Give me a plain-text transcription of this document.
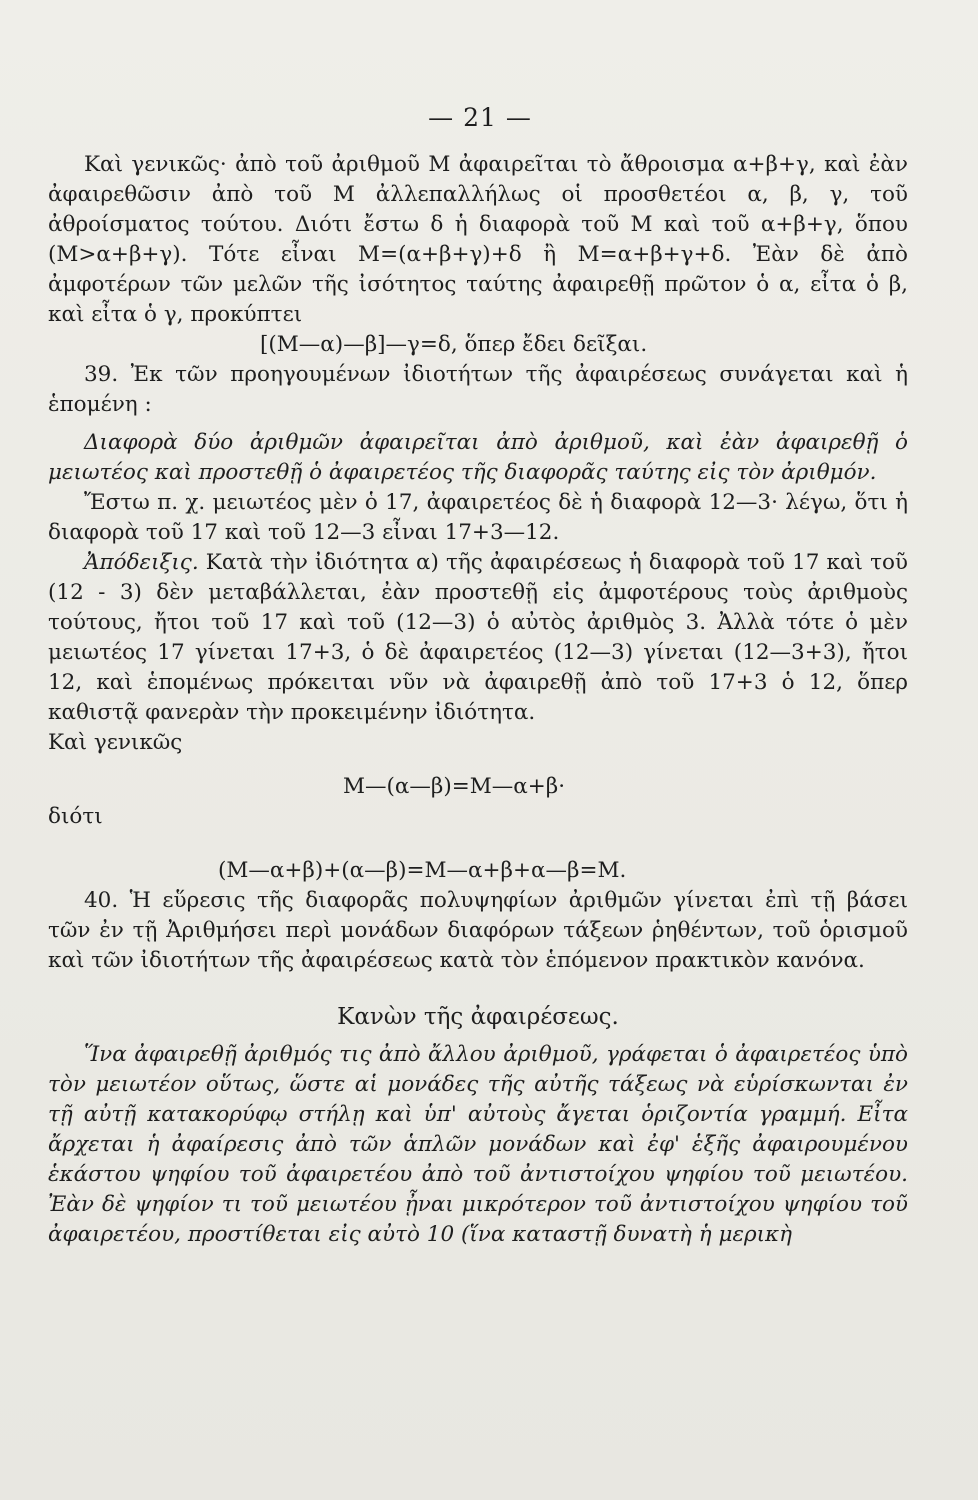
— 21 —

Καὶ γενικῶς· ἀπὸ τοῦ ἀριθμοῦ Μ ἀφαιρεῖται τὸ ἄθροισμα α+β+γ, καὶ ἐὰν ἀφαιρεθῶσιν ἀπὸ τοῦ Μ ἀλλεπαλλήλως οἱ προσθετέοι α, β, γ, τοῦ ἀθροίσματος τούτου. Διότι ἔστω δ ἡ διαφορὰ τοῦ Μ καὶ τοῦ α+β+γ, ὅπου (Μ>α+β+γ). Τότε εἶναι Μ=(α+β+γ)+δ ἢ Μ=α+β+γ+δ. Ἐὰν δὲ ἀπὸ ἀμφοτέρων τῶν μελῶν τῆς ἰσότητος ταύτης ἀφαιρεθῇ πρῶτον ὁ α, εἶτα ὁ β, καὶ εἶτα ὁ γ, προκύπτει

[(Μ—α)—β]—γ=δ, ὅπερ ἔδει δεῖξαι.

39. Ἐκ τῶν προηγουμένων ἰδιοτήτων τῆς ἀφαιρέσεως συνάγεται καὶ ἡ ἑπομένη :

Διαφορὰ δύο ἀριθμῶν ἀφαιρεῖται ἀπὸ ἀριθμοῦ, καὶ ἐὰν ἀφαιρεθῇ ὁ μειωτέος καὶ προστεθῇ ὁ ἀφαιρετέος τῆς διαφορᾶς ταύτης εἰς τὸν ἀριθμόν.

Ἔστω π. χ. μειωτέος μὲν ὁ 17, ἀφαιρετέος δὲ ἡ διαφορὰ 12—3· λέγω, ὅτι ἡ διαφορὰ τοῦ 17 καὶ τοῦ 12—3 εἶναι 17+3—12.

Ἀπόδειξις. Κατὰ τὴν ἰδιότητα α) τῆς ἀφαιρέσεως ἡ διαφορὰ τοῦ 17 καὶ τοῦ (12 - 3) δὲν μεταβάλλεται, ἐὰν προστεθῇ εἰς ἀμφοτέρους τοὺς ἀριθμοὺς τούτους, ἤτοι τοῦ 17 καὶ τοῦ (12—3) ὁ αὐτὸς ἀριθμὸς 3. Ἀλλὰ τότε ὁ μὲν μειωτέος 17 γίνεται 17+3, ὁ δὲ ἀφαιρετέος (12—3) γίνεται (12—3+3), ἤτοι 12, καὶ ἑπομένως πρόκειται νῦν νὰ ἀφαιρεθῇ ἀπὸ τοῦ 17+3 ὁ 12, ὅπερ καθιστᾷ φανερὰν τὴν προκειμένην ἰδιότητα.

Καὶ γενικῶς

Μ—(α—β)=Μ—α+β·

διότι

(Μ—α+β)+(α—β)=Μ—α+β+α—β=Μ.

40. Ἡ εὕρεσις τῆς διαφορᾶς πολυψηφίων ἀριθμῶν γίνεται ἐπὶ τῇ βάσει τῶν ἐν τῇ Ἀριθμήσει περὶ μονάδων διαφόρων τάξεων ῥηθέντων, τοῦ ὁρισμοῦ καὶ τῶν ἰδιοτήτων τῆς ἀφαιρέσεως κατὰ τὸν ἑπόμενον πρακτικὸν κανόνα.

Κανὼν τῆς ἀφαιρέσεως.

Ἵνα ἀφαιρεθῇ ἀριθμός τις ἀπὸ ἄλλου ἀριθμοῦ, γράφεται ὁ ἀφαιρετέος ὑπὸ τὸν μειωτέον οὕτως, ὥστε αἱ μονάδες τῆς αὐτῆς τάξεως νὰ εὑρίσκωνται ἐν τῇ αὐτῇ κατακορύφῳ στήλῃ καὶ ὑπ' αὐτοὺς ἄγεται ὁριζοντία γραμμή. Εἶτα ἄρχεται ἡ ἀφαίρεσις ἀπὸ τῶν ἁπλῶν μονάδων καὶ ἐφ' ἑξῆς ἀφαιρουμένου ἑκάστου ψηφίου τοῦ ἀφαιρετέου ἀπὸ τοῦ ἀντιστοίχου ψηφίου τοῦ μειωτέου. Ἐὰν δὲ ψηφίον τι τοῦ μειωτέου ᾖναι μικρότερον τοῦ ἀντιστοίχου ψηφίου τοῦ ἀφαιρετέου, προστίθεται εἰς αὐτὸ 10 (ἵνα καταστῇ δυνατὴ ἡ μερικὴ
